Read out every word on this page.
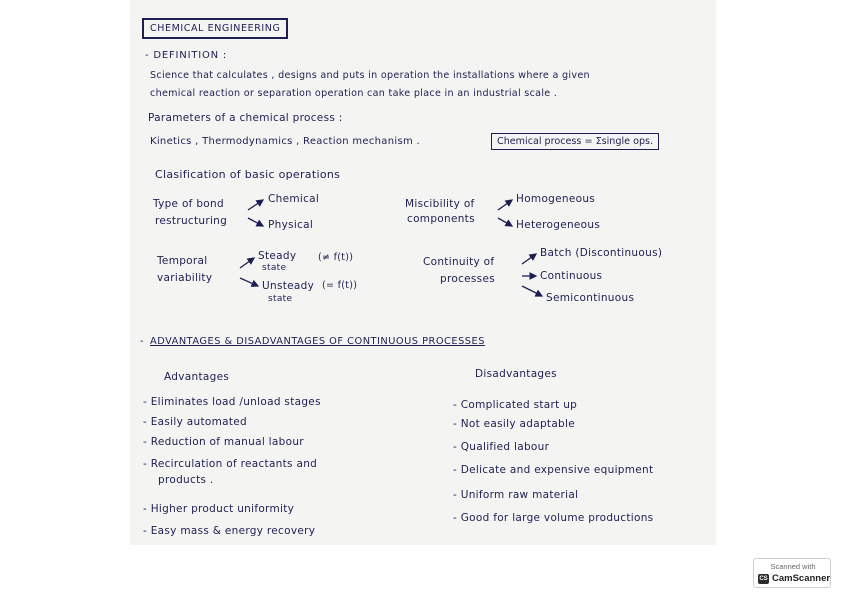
CHEMICAL ENGINEERING
- DEFINITION :
Science that calculates , designs and puts in operation the installations where a given
chemical reaction or separation operation can take place in an industrial scale .
Parameters of a chemical process :
Kinetics , Thermodynamics , Reaction mechanism .	Chemical process = Σsingle ops.
Clasification of basic operations
Type of bond
restructuring
Chemical
Physical
Miscibility of
components
Homogeneous
Heterogeneous
Temporal
variability
Steady
state
(≠ f(t))
Unsteady
state
(= f(t))
Continuity of
processes
Batch (Discontinuous)
Continuous
Semicontinuous
- ADVANTAGES & DISADVANTAGES OF CONTINUOUS PROCESSES
Advantages	Disadvantages
- Eliminates load /unload stages
- Easily automated
- Reduction of manual labour
- Recirculation of reactants and
products .
- Higher product uniformity
- Easy mass & energy recovery
- Complicated start up
- Not easily adaptable
- Qualified labour
- Delicate and expensive equipment
- Uniform raw material
- Good for large volume productions
Scanned with
CS CamScanner
